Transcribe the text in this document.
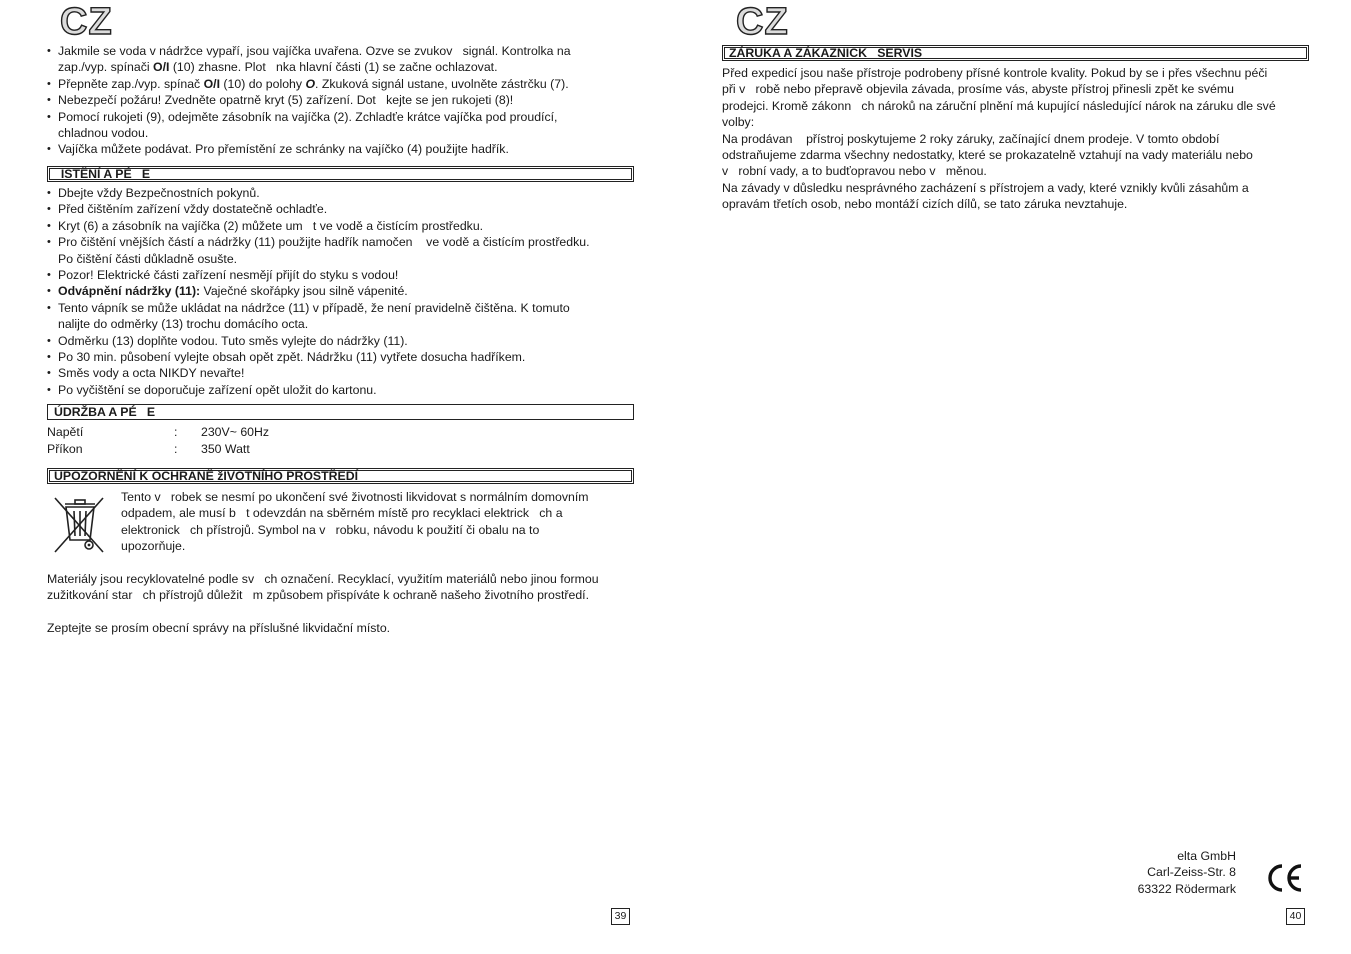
CZ
• Jakmile se voda v nádržce vypaří, jsou vajíčka uvařena. Ozve se zvukov   signál. Kontrolka na
zap./vyp. spínači O/I (10) zhasne. Plot   nka hlavní části (1) se začne ochlazovat.
• Přepněte zap./vyp. spínač O/I (10) do polohy O. Zkuková signál ustane, uvolněte zástrčku (7).
• Nebezpečí požáru! Zvedněte opatrně kryt (5) zařízení. Dot   kejte se jen rukojeti (8)!
• Pomocí rukojeti (9), odejměte zásobník na vajíčka (2). Zchladťe krátce vajíčka pod proudící,
chladnou vodou.
• Vajíčka můžete podávat. Pro přemístění ze schránky na vajíčko (4) použijte hadřík.
ISTĚNÍ A PÉ   E
• Dbejte vždy Bezpečnostních pokynů.
• Před čištěním zařízení vždy dostatečně ochladťe.
• Kryt (6) a zásobník na vajíčka (2) můžete um   t ve vodě a čistícím prostředku.
• Pro čištění vnějších částí a nádržky (11) použijte hadřík namočen    ve vodě a čistícím prostředku.
Po čištění části důkladně osušte.
• Pozor! Elektrické části zařízení nesmějí přijít do styku s vodou!
• Odvápnění nádržky (11): Vaječné skořápky jsou silně vápenité.
• Tento vápník se může ukládat na nádržce (11) v případě, že není pravidelně čištěna. K tomuto
nalijte do odměrky (13) trochu domácího octa.
• Odměrku (13) doplňte vodou. Tuto směs vylejte do nádržky (11).
• Po 30 min. působení vylejte obsah opět zpět. Nádržku (11) vytřete dosucha hadříkem.
• Směs vody a octa NIKDY nevařte!
• Po vyčištění se doporučuje zařízení opět uložit do kartonu.
ÚDRŽBA A PÉ   E
Napětí	: 230V~ 60Hz
Příkon	: 350 Watt
UPOZORNĚNÍ K OCHRANĚ žIVOTNÍHO PROSTŘEDÍ

Tento v   robek se nesmí po ukončení své životnosti likvidovat s normálním domovním
odpadem, ale musí b   t odevzdán na sběrném místě pro recyklaci elektrick   ch a
elektronick   ch přístrojů. Symbol na v   robku, návodu k použití či obalu na to
upozorňuje.

Materiály jsou recyklovatelné podle sv   ch označení. Recyklací, využitím materiálů nebo jinou formou
zužitkování star   ch přístrojů důležit   m způsobem přispíváte k ochraně našeho životního prostředí.

Zeptejte se prosím obecní správy na příslušné likvidační místo.

39
CZ
ZÁRUKA A ZÁKAZNICK   SERVIS

Před expedicí jsou naše přístroje podrobeny přísné kontrole kvality. Pokud by se i přes všechnu péči
při v   robě nebo přepravě objevila závada, prosíme vás, abyste přístroj přinesli zpět ke svému
prodejci. Kromě zákonn   ch nároků na záruční plnění má kupující následující nárok na záruku dle své
volby:
Na prodávan    přístroj poskytujeme 2 roky záruky, začínající dnem prodeje. V tomto období
odstraňujeme zdarma všechny nedostatky, které se prokazatelně vztahují na vady materiálu nebo
v   robní vady, a to budťopravou nebo v   měnou.
Na závady v důsledku nesprávného zacházení s přístrojem a vady, které vznikly kvůli zásahům a
opravám třetích osob, nebo montáží cizích dílů, se tato záruka nevztahuje.

elta GmbH
Carl-Zeiss-Str. 8
63322 Rödermark
40
